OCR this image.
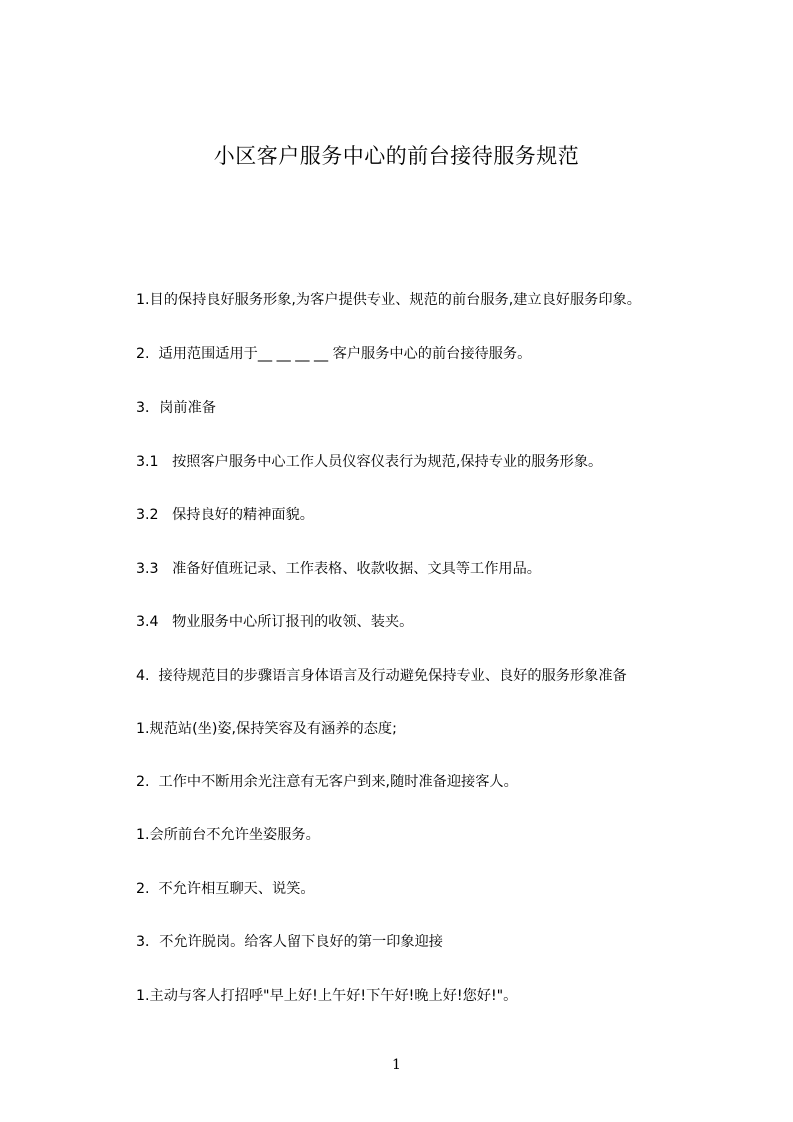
小区客户服务中心的前台接待服务规范
1.目的保持良好服务形象,为客户提供专业、规范的前台服务,建立良好服务印象。
2.  适用范围适用于__ __ __ __ 客户服务中心的前台接待服务。
3．岗前准备
3.1   按照客户服务中心工作人员仪容仪表行为规范,保持专业的服务形象。
3.2   保持良好的精神面貌。
3.3   准备好值班记录、工作表格、收款收据、文具等工作用品。
3.4   物业服务中心所订报刊的收领、装夹。
4.  接待规范目的步骤语言身体语言及行动避免保持专业、良好的服务形象准备
1.规范站(坐)姿,保持笑容及有涵养的态度;
2.  工作中不断用余光注意有无客户到来,随时准备迎接客人。
1.会所前台不允许坐姿服务。
2.  不允许相互聊天、说笑。
3．不允许脱岗。给客人留下良好的第一印象迎接
1.主动与客人打招呼"早上好!上午好!下午好!晚上好!您好!"。
1
